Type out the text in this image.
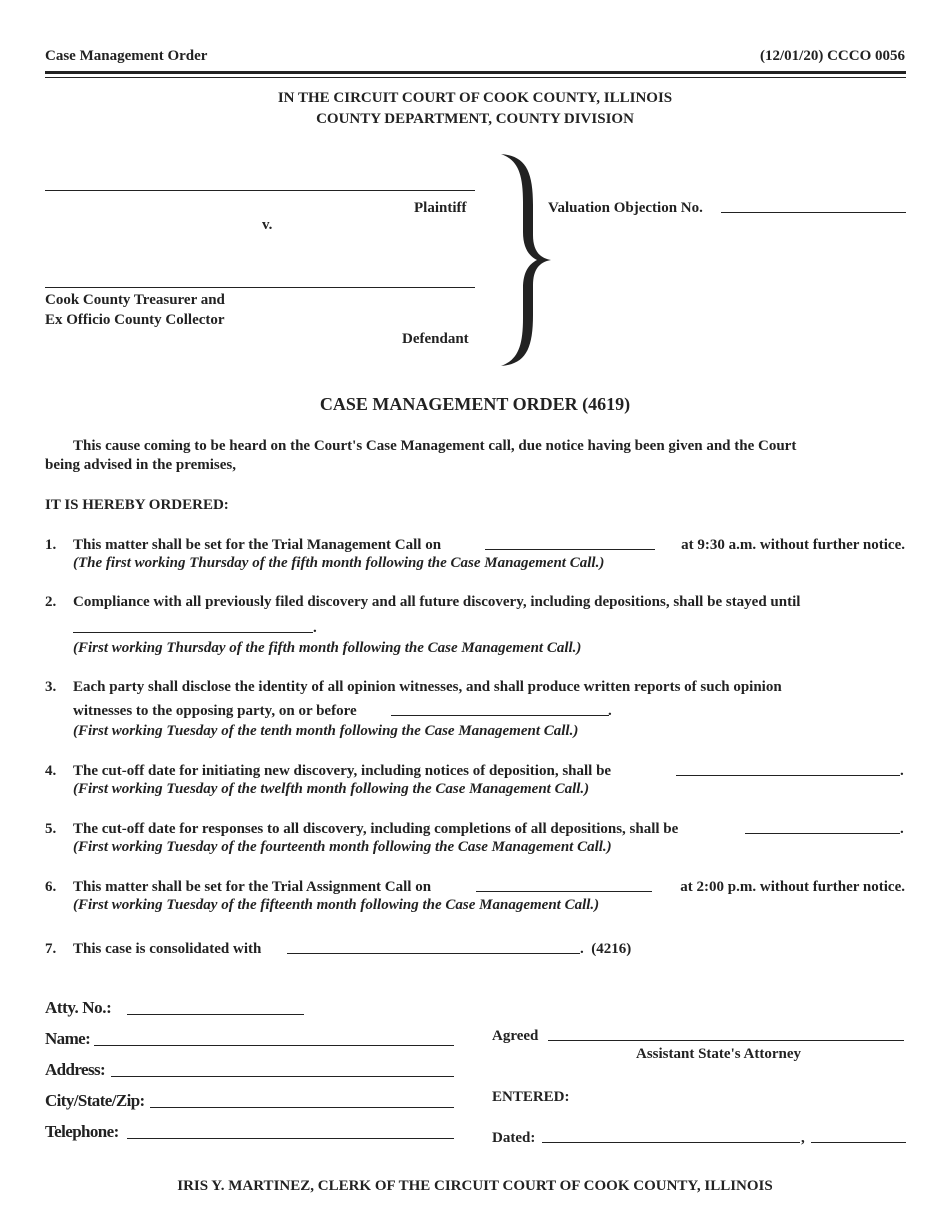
Case Management Order	(12/01/20) CCCO 0056
IN THE CIRCUIT COURT OF COOK COUNTY, ILLINOIS
COUNTY DEPARTMENT, COUNTY DIVISION
Plaintiff
v.
Cook County Treasurer and
Ex Officio County Collector
Defendant
Valuation Objection No.
CASE MANAGEMENT ORDER (4619)
This cause coming to be heard on the Court's Case Management call, due notice having been given and the Court
being advised in the premises,
IT IS HEREBY ORDERED:
1. This matter shall be set for the Trial Management Call on	at 9:30 a.m. without further notice.
(The first working Thursday of the fifth month following the Case Management Call.)
2. Compliance with all previously filed discovery and all future discovery, including depositions, shall be stayed until
.
(First working Thursday of the fifth month following the Case Management Call.)
3. Each party shall disclose the identity of all opinion witnesses, and shall produce written reports of such opinion
witnesses to the opposing party, on or before	.
(First working Tuesday of the tenth month following the Case Management Call.)
4. The cut-off date for initiating new discovery, including notices of deposition, shall be	.
(First working Tuesday of the twelfth month following the Case Management Call.)
5. The cut-off date for responses to all discovery, including completions of all depositions, shall be	.
(First working Tuesday of the fourteenth month following the Case Management Call.)
6. This matter shall be set for the Trial Assignment Call on	at 2:00 p.m. without further notice.
(First working Tuesday of the fifteenth month following the Case Management Call.)
7. This case is consolidated with	.  (4216)
Atty. No.:
Name:
Address:
City/State/Zip:
Telephone:
Agreed
Assistant State's Attorney
ENTERED:
Dated:	,
IRIS Y. MARTINEZ, CLERK OF THE CIRCUIT COURT OF COOK COUNTY, ILLINOIS
